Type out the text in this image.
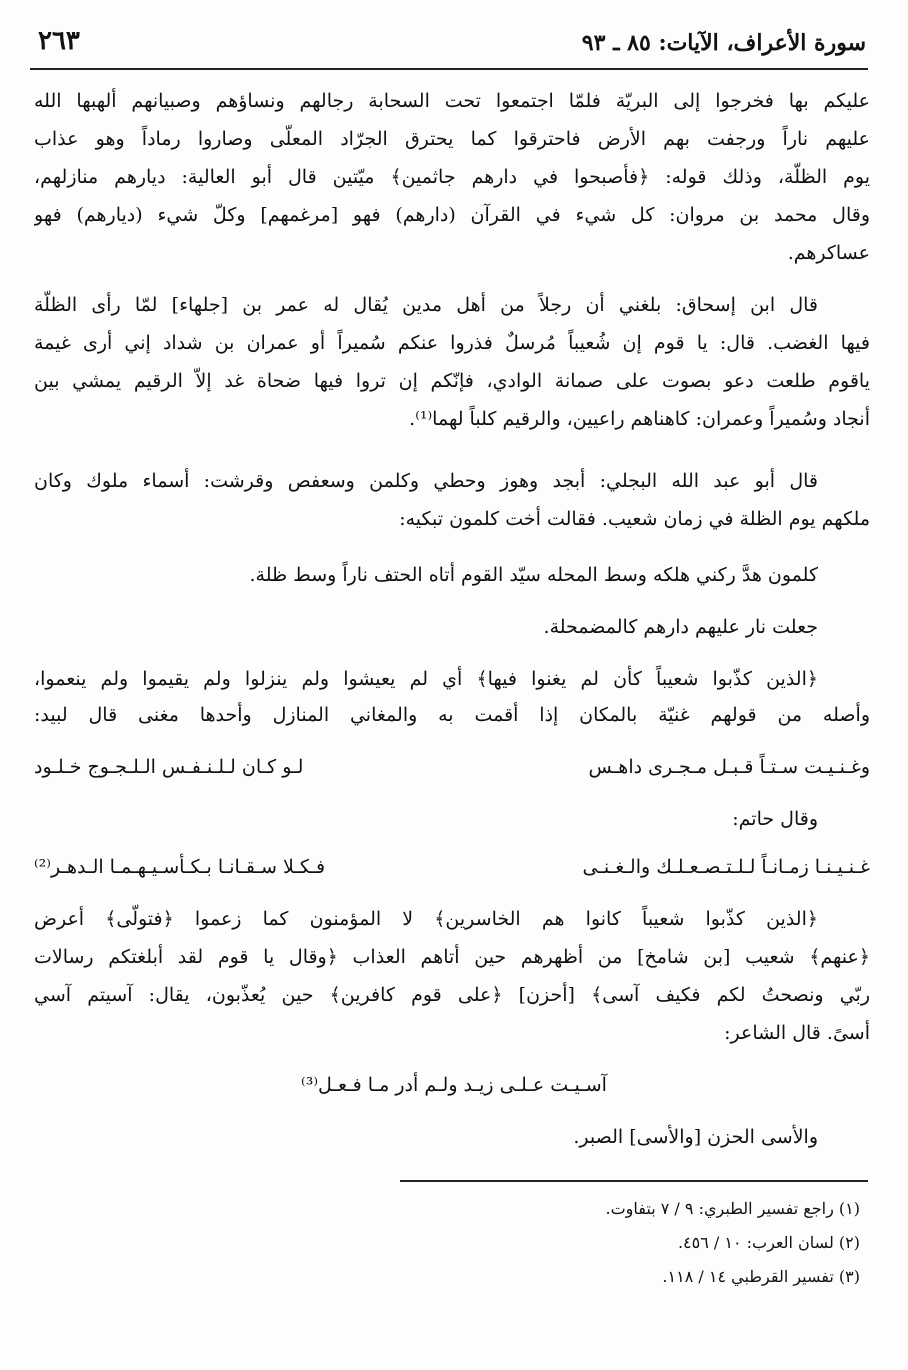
سورة الأعراف، الآيات: ٨٥ ـ ٩٣
٢٦٣
عليكم بها فخرجوا إلى البريّة فلمّا اجتمعوا تحت السحابة رجالهم ونساؤهم وصبيانهم ألهبها الله
عليهم ناراً ورجفت بهم الأرض فاحترقوا كما يحترق الجرّاد المعلّى وصاروا رماداً وهو عذاب
يوم الظلّة، وذلك قوله: ﴿فأصبحوا في دارهم جاثمين﴾ ميّتين قال أبو العالية: ديارهم منازلهم،
وقال محمد بن مروان: كل شيء في القرآن (دارهم) فهو [مرغمهم] وكلّ شيء (ديارهم) فهو
عساكرهم.
قال ابن إسحاق: بلغني أن رجلاً من أهل مدين يُقال له عمر بن [جلهاء] لمّا رأى الظلّة
فيها الغضب. قال: يا قوم إن شُعيباً مُرسلٌ فذروا عنكم سُميراً أو عمران بن شداد إني أرى غيمة
ياقوم طلعت دعو بصوت على صمانة الوادي، فإنّكم إن تروا فيها ضحاة غد إلاّ الرقيم يمشي بين
أنجاد وسُميراً وعمران: كاهناهم راعيين، والرقيم كلباً لهما⁽¹⁾.
قال أبو عبد الله البجلي: أبجد وهوز وحطي وكلمن وسعفص وقرشت: أسماء ملوك وكان
ملكهم يوم الظلة في زمان شعيب. فقالت أخت كلمون تبكيه:
كلمون هدَّ ركني هلكه وسط المحله سيّد القوم أتاه الحتف ناراً وسط ظلة.
جعلت نار عليهم دارهم كالمضمحلة.
﴿الذين كذّبوا شعيباً كأن لم يغنوا فيها﴾ أي لم يعيشوا ولم ينزلوا ولم يقيموا ولم ينعموا،
وأصله من قولهم غنيّة بالمكان إذا أقمت به والمغاني المنازل وأحدها مغنى قال لبيد:
وغـنـيـت سـتـاً قـبـل مـجـرى داهـس
لـو كـان لـلـنـفـس الـلـجـوج خـلـود
وقال حاتم:
غـنـيـنـا زمـانـاً لـلـتـصـعـلـك والـغـنـى
فـكـلا سـقـانـا بـكـأسـيـهـمـا الـدهـر⁽²⁾
﴿الذين كذّبوا شعيباً كانوا هم الخاسرين﴾ لا المؤمنون كما زعموا ﴿فتولّى﴾ أعرض
﴿عنهم﴾ شعيب [بن شامخ] من أظهرهم حين أتاهم العذاب ﴿وقال يا قوم لقد أبلغتكم رسالات
ربّي ونصحتُ لكم فكيف آسى﴾ [أحزن] ﴿على قوم كافرين﴾ حين يُعذّبون، يقال: آسيتم آسي
أسىً. قال الشاعر:
آسـيـت عـلـى زيـد ولـم أدر مـا فـعـل⁽³⁾
والأسى الحزن [والأسى] الصبر.
(١) راجع تفسير الطبري: ٩ / ٧ بتفاوت.
(٢) لسان العرب: ١٠ / ٤٥٦.
(٣) تفسير القرطبي ١٤ / ١١٨.
